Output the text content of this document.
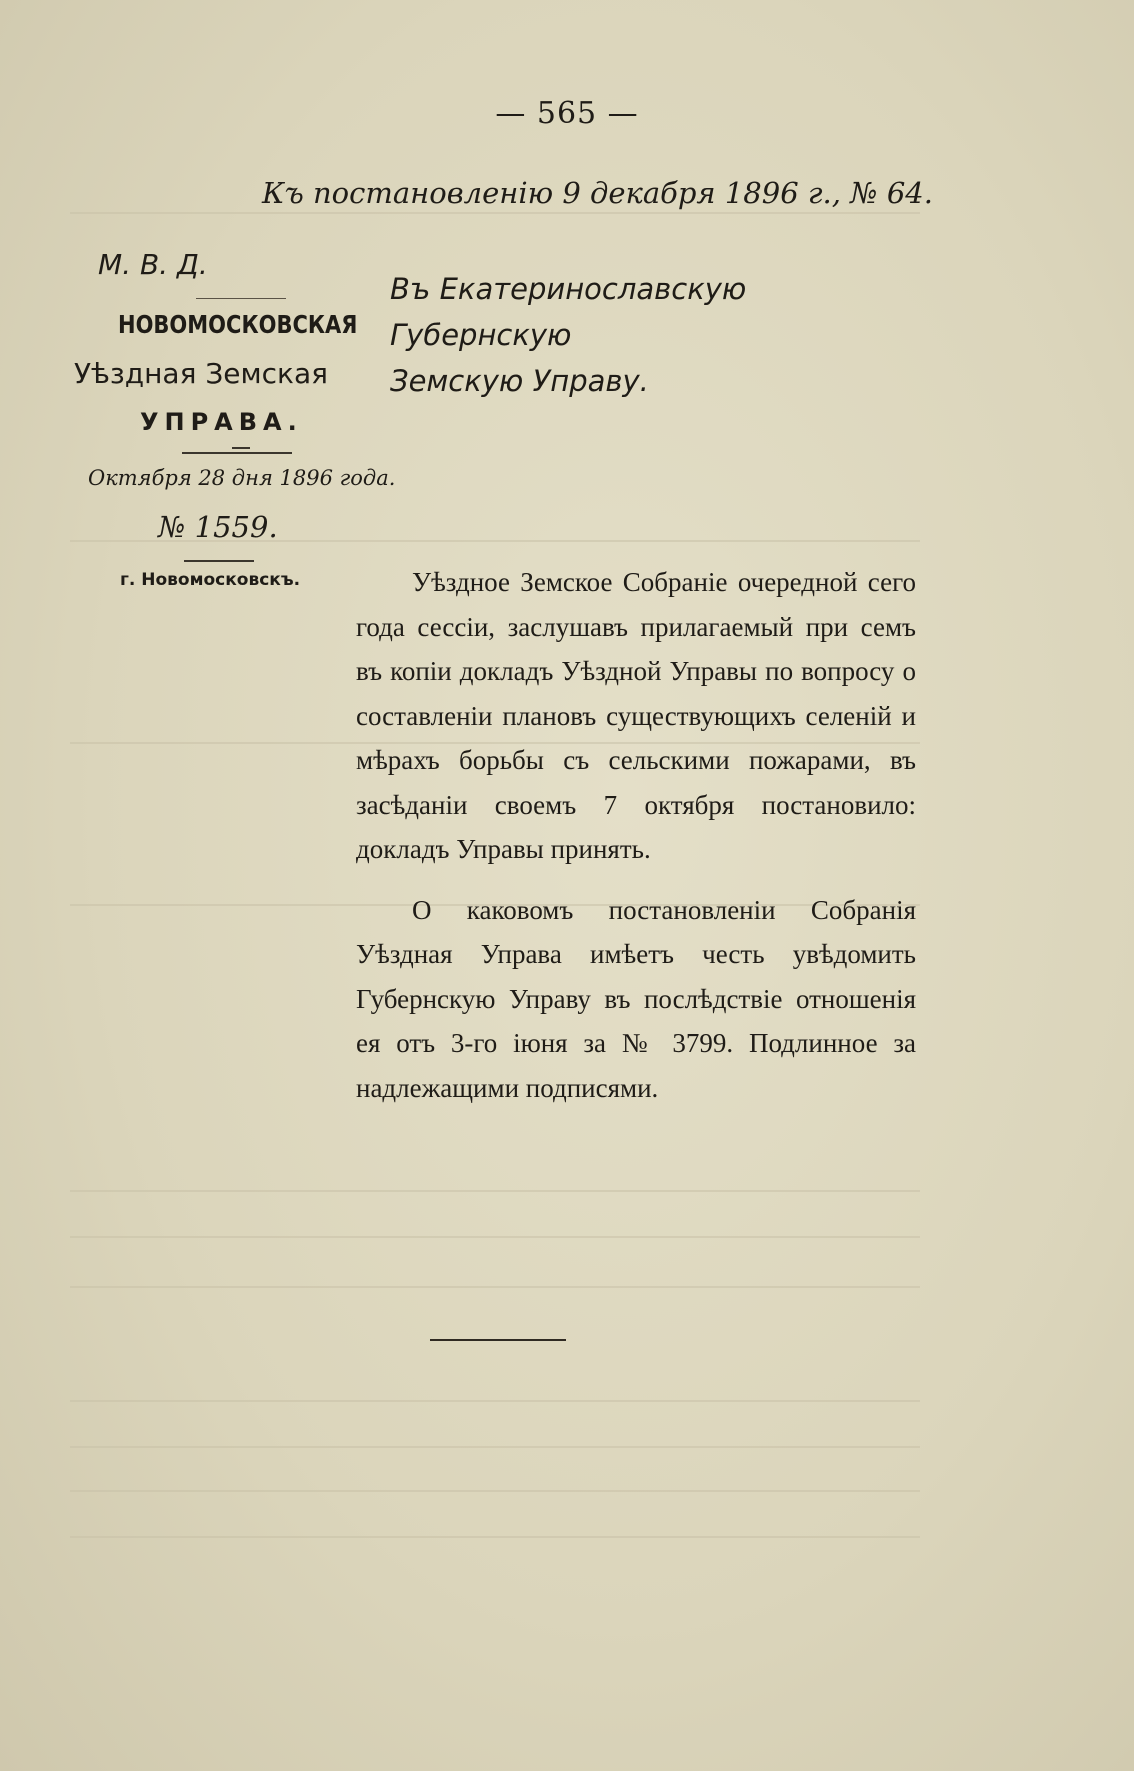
— 565 —
Къ постановленію 9 декабря 1896 г., № 64.
М. В. Д.
НОВОМОСКОВСКАЯ
Уѣздная Земская
УПРАВА.
Октября 28 дня 1896 года.
№ 1559.
г. Новомосковскъ.
Въ Екатеринославскую Губернскую
Земскую Управу.

Уѣздное Земское Собраніе очередной сего года сессіи, заслушавъ прилагаемый при семъ въ копіи докладъ Уѣздной Управы по вопросу о составленіи плановъ существующихъ селеній и мѣрахъ борьбы съ сельскими пожарами, въ засѣданіи своемъ 7 октября постановило: докладъ Управы принять.

О каковомъ постановленіи Собранія Уѣздная Управа имѣетъ честь увѣдомить Губернскую Управу въ послѣдствіе отношенія ея отъ 3-го іюня за № 3799. Подлинное за надлежащими подписями.
